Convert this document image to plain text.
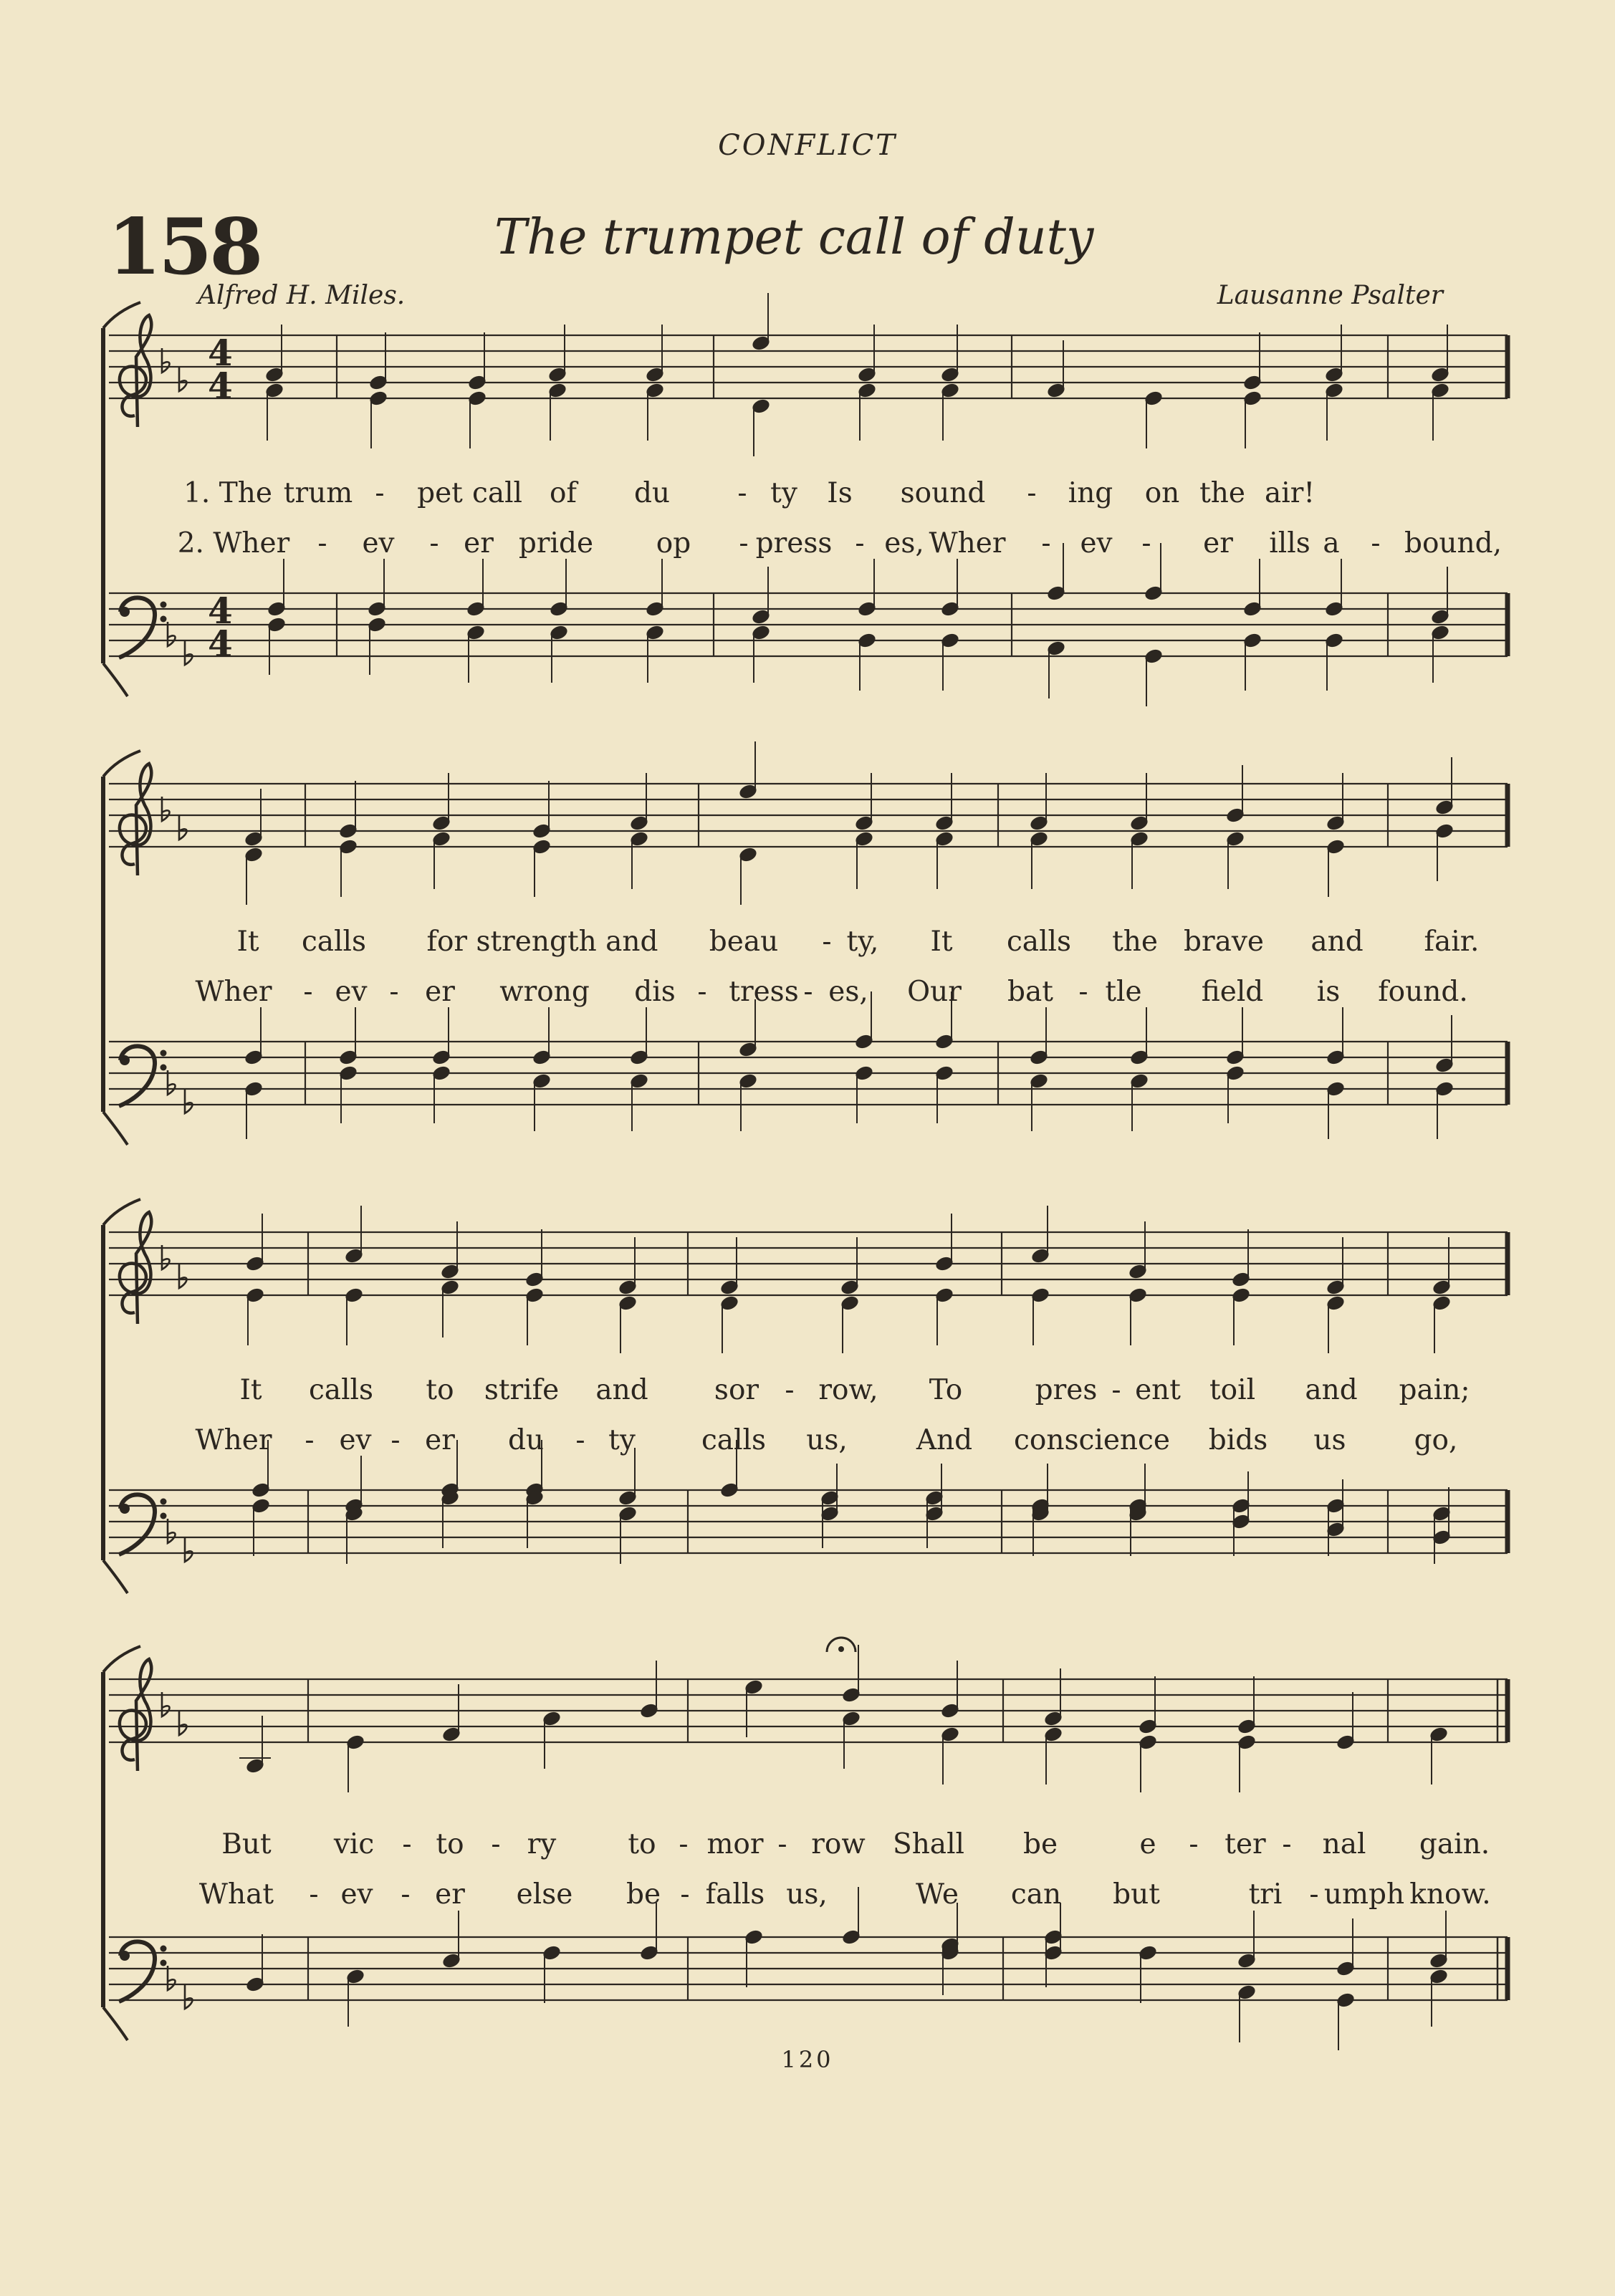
CONFLICT
158	The trumpet call of duty
Alfred H. Miles.	Lausanne Psalter
4
4
4
4
1. The trum - pet call of du - ty Is sound - ing on the air!
2. Wher - ev - er pride op - press - es, Wher - ev - er ills a - bound,
It calls for strength and beau - ty, It calls the brave and fair.
Wher - ev - er wrong dis - tress - es, Our bat - tle field is found.
It calls to strife and sor - row, To	pres - ent toil and pain;
Wher - ev - er du - ty calls us, And conscience bids us go,
But vic - to - ry	to - mor - row Shall be	e - ter - nal gain.
What - ev - er else be - falls us,	We can but	tri - umph know.
120
